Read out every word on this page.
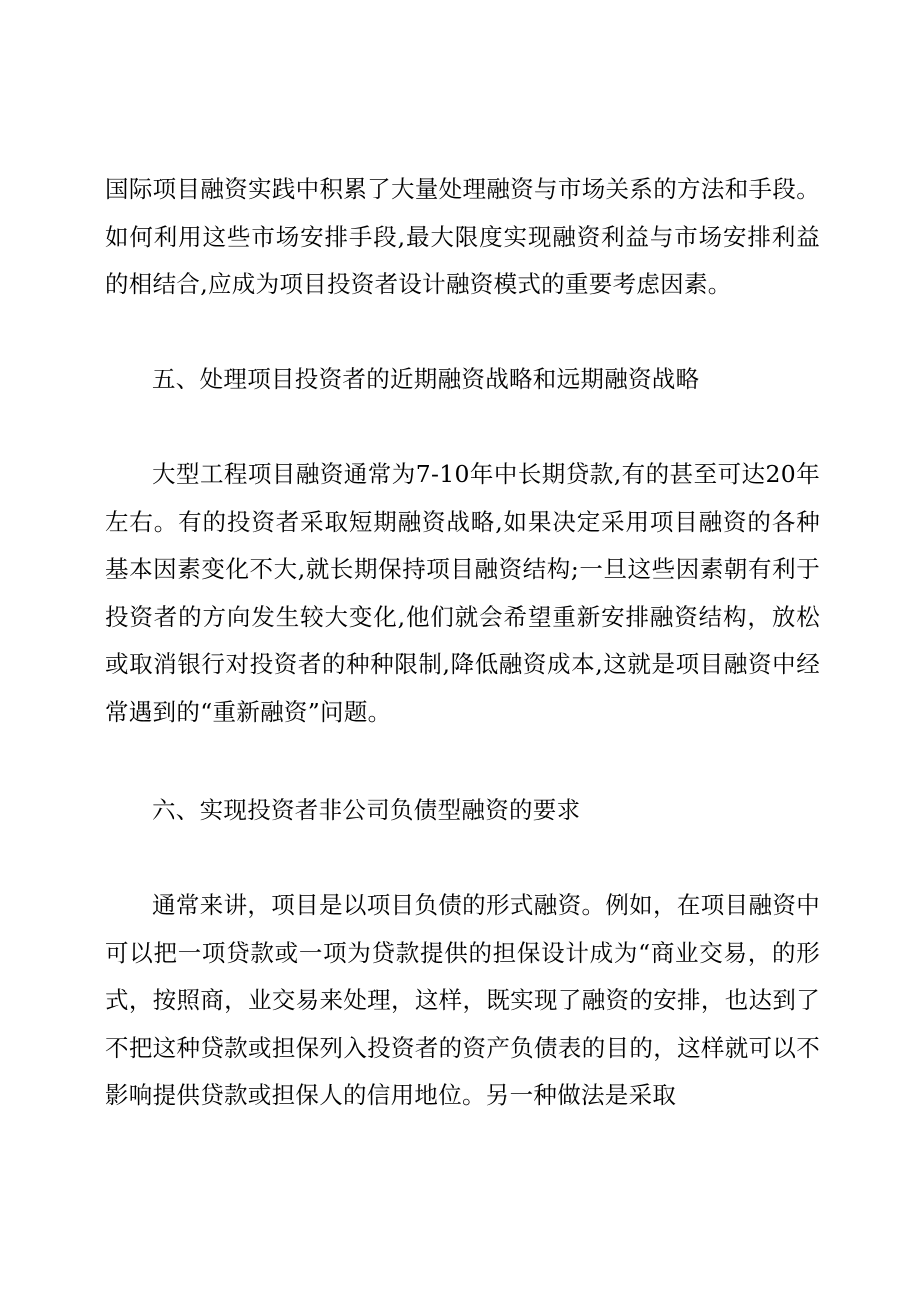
国际项目融资实践中积累了大量处理融资与市场关系的方法和手段。如何利用这些市场安排手段,最大限度实现融资利益与市场安排利益的相结合,应成为项目投资者设计融资模式的重要考虑因素。

五、处理项目投资者的近期融资战略和远期融资战略

大型工程项目融资通常为7-10年中长期贷款,有的甚至可达20年左右。有的投资者采取短期融资战略,如果决定采用项目融资的各种基本因素变化不大,就长期保持项目融资结构;一旦这些因素朝有利于投资者的方向发生较大变化,他们就会希望重新安排融资结构，放松或取消银行对投资者的种种限制,降低融资成本,这就是项目融资中经常遇到的“重新融资”问题。

六、实现投资者非公司负债型融资的要求

通常来讲，项目是以项目负债的形式融资。例如，在项目融资中可以把一项贷款或一项为贷款提供的担保设计成为“商业交易，的形式，按照商，业交易来处理，这样，既实现了融资的安排，也达到了不把这种贷款或担保列入投资者的资产负债表的目的，这样就可以不影响提供贷款或担保人的信用地位。另一种做法是采取
